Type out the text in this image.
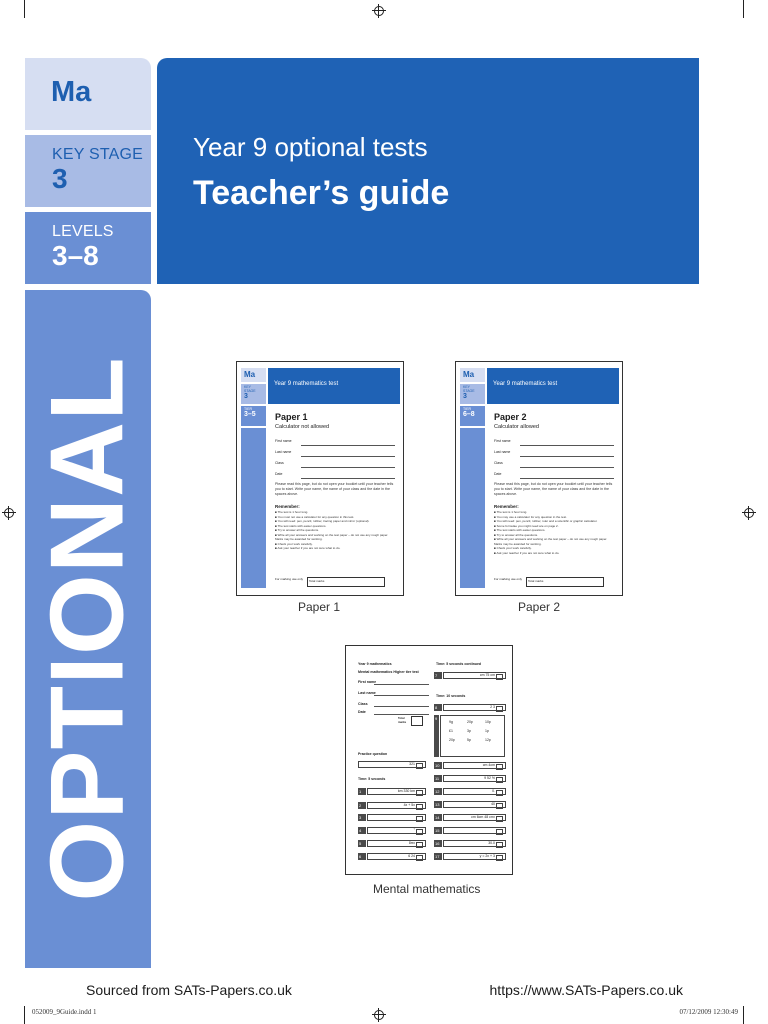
Ma
KEY STAGE
3
LEVELS
3–8
OPTIONAL
Year 9 optional tests
Teacher’s guide
Ma
KEY STAGE
3
TIER
3–5
Year 9 mathematics test
Paper 1
Calculator not allowed
First name
Last name
Class
Date
Please read this page, but do not open your booklet until your teacher tells you to start. Write your name, the name of your class and the date in the spaces above.
Remember:
■ The test is 1 hour long.
■ You must not use a calculator for any question in this test.
■ You will need: pen, pencil, rubber, tracing paper and mirror (optional).
■ The test starts with easier questions.
■ Try to answer all the questions.
■ Write all your answers and working on the test paper – do not use any rough paper. Marks may be awarded for working.
■ Check your work carefully.
■ Ask your teacher if you are not sure what to do.
For marking use only	Total marks
Paper 1
Ma
KEY STAGE
3
TIER
6–8
Year 9 mathematics test
Paper 2
Calculator allowed
First name
Last name
Class
Date
Please read this page, but do not open your booklet until your teacher tells you to start. Write your name, the name of your class and the date in the spaces above.
Remember:
■ The test is 1 hour long.
■ You may use a calculator for any question in the test.
■ You will need: pen, pencil, rubber, ruler and a scientific or graphic calculator.
■ Some formulae you might need are on page 2.
■ The test starts with easier questions.
■ Try to answer all the questions.
■ Write all your answers and working on the test paper – do not use any rough paper. Marks may be awarded for working.
■ Check your work carefully.
■ Ask your teacher if you are not sure what to do.
For marking use only	Total marks
Paper 2
Year 9 mathematics
Mental mathematics Higher tier test
First name
Last name
Class
Date
Total marks
Practice question
321
Time: 5 seconds
1	km 330 km
2	4x + 5x
3
4	°
5	8πx
6	6 24
Time: 5 seconds continued
Time: 10 seconds
7	cm 75 cm
8	2 3
10	cm 4cm
11	9 52 %
12	0.
13	40
14	cm 6cm 48 cm²
15
16	30.0
17	y = 2x + 3
9
9g	20p	10p
£1	3p	1p
20p	5p	12p
Mental mathematics
Sourced from SATs-Papers.co.uk	https://www.SATs-Papers.co.uk
052009_9Guide.indd 1	07/12/2009 12:30:49
